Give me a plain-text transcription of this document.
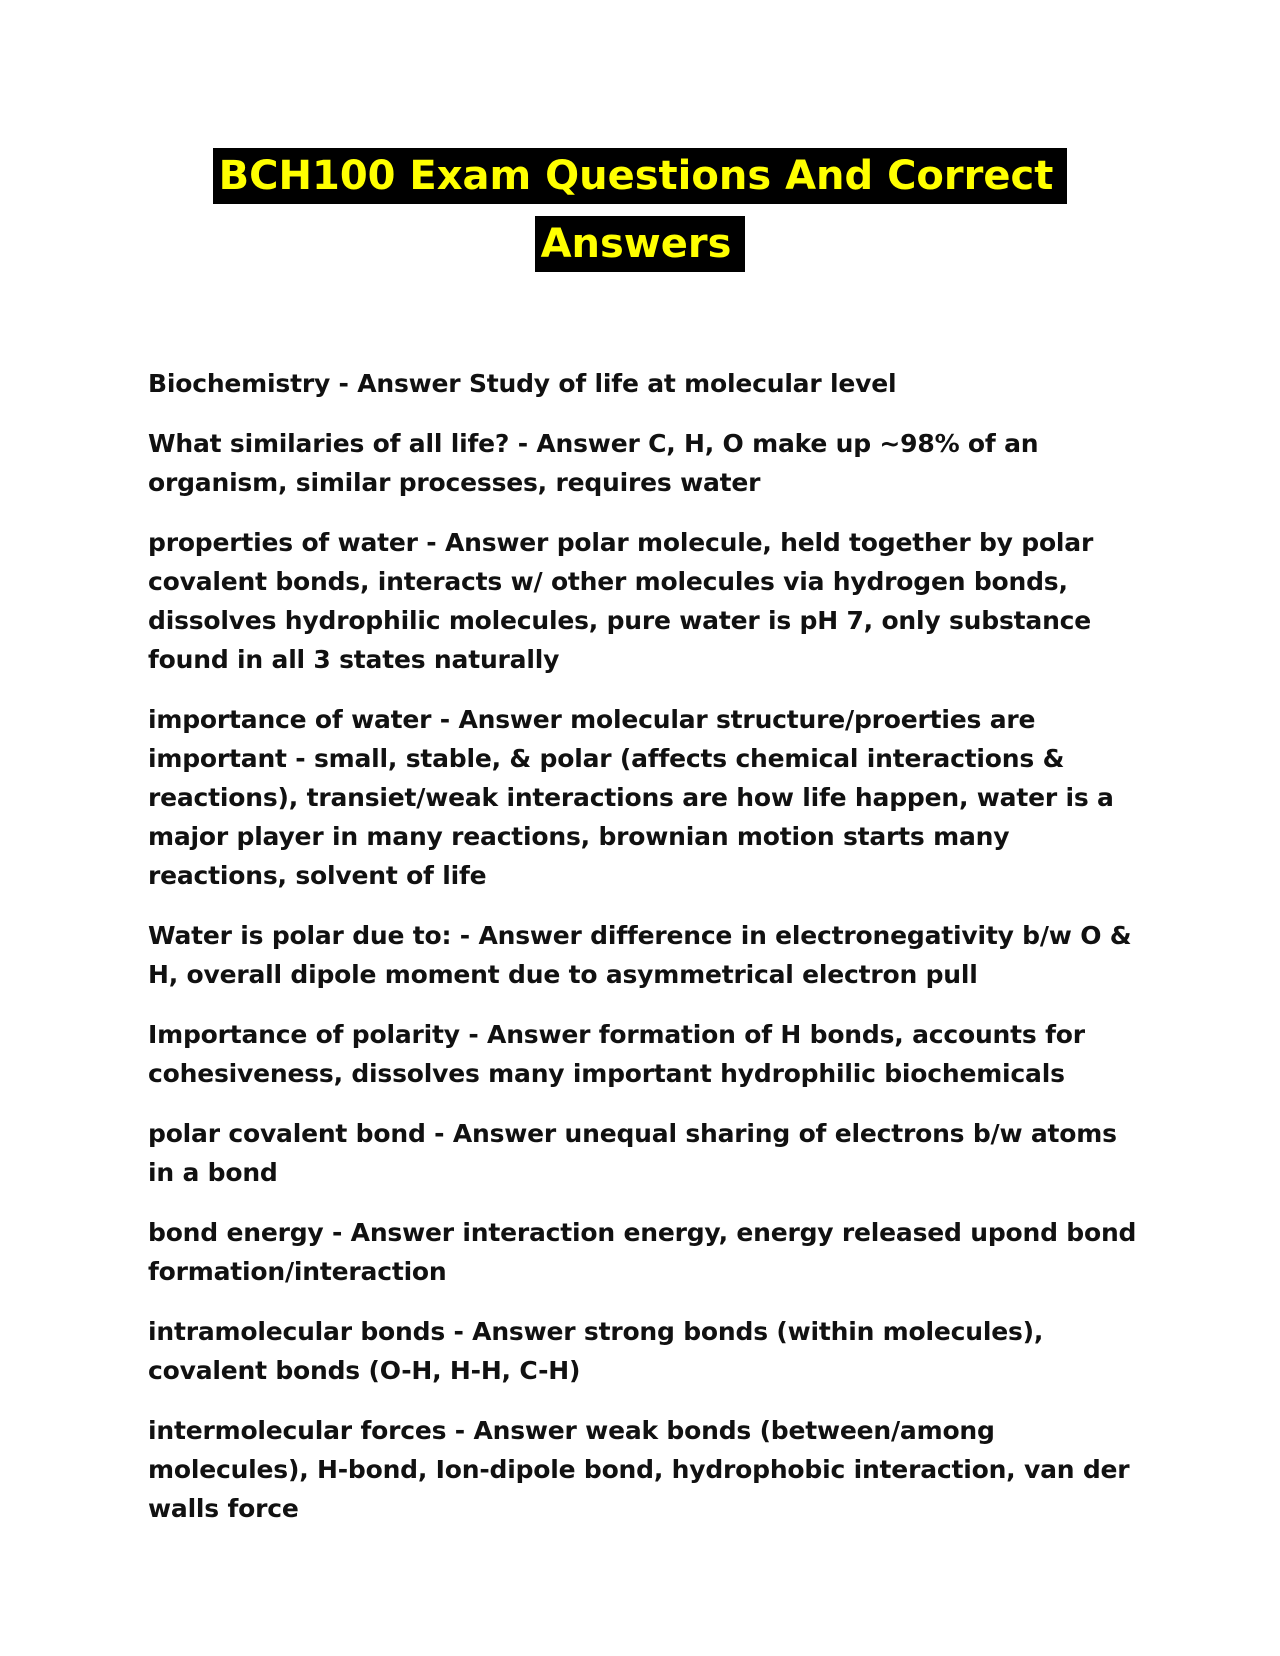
BCH100 Exam Questions And Correct
Answers

Biochemistry - Answer Study of life at molecular level

What similaries of all life? - Answer C, H, O make up ~98% of an organism, similar processes, requires water

properties of water - Answer polar molecule, held together by polar covalent bonds, interacts w/ other molecules via hydrogen bonds, dissolves hydrophilic molecules, pure water is pH 7, only substance found in all 3 states naturally

importance of water - Answer molecular structure/proerties are important - small, stable, & polar (affects chemical interactions & reactions), transiet/weak interactions are how life happen, water is a major player in many reactions, brownian motion starts many reactions, solvent of life

Water is polar due to: - Answer difference in electronegativity b/w O & H, overall dipole moment due to asymmetrical electron pull

Importance of polarity - Answer formation of H bonds, accounts for cohesiveness, dissolves many important hydrophilic biochemicals

polar covalent bond - Answer unequal sharing of electrons b/w atoms in a bond

bond energy - Answer interaction energy, energy released upond bond formation/interaction

intramolecular bonds - Answer strong bonds (within molecules), covalent bonds (O-H, H-H, C-H)

intermolecular forces - Answer weak bonds (between/among molecules), H-bond, Ion-dipole bond, hydrophobic interaction, van der walls force
